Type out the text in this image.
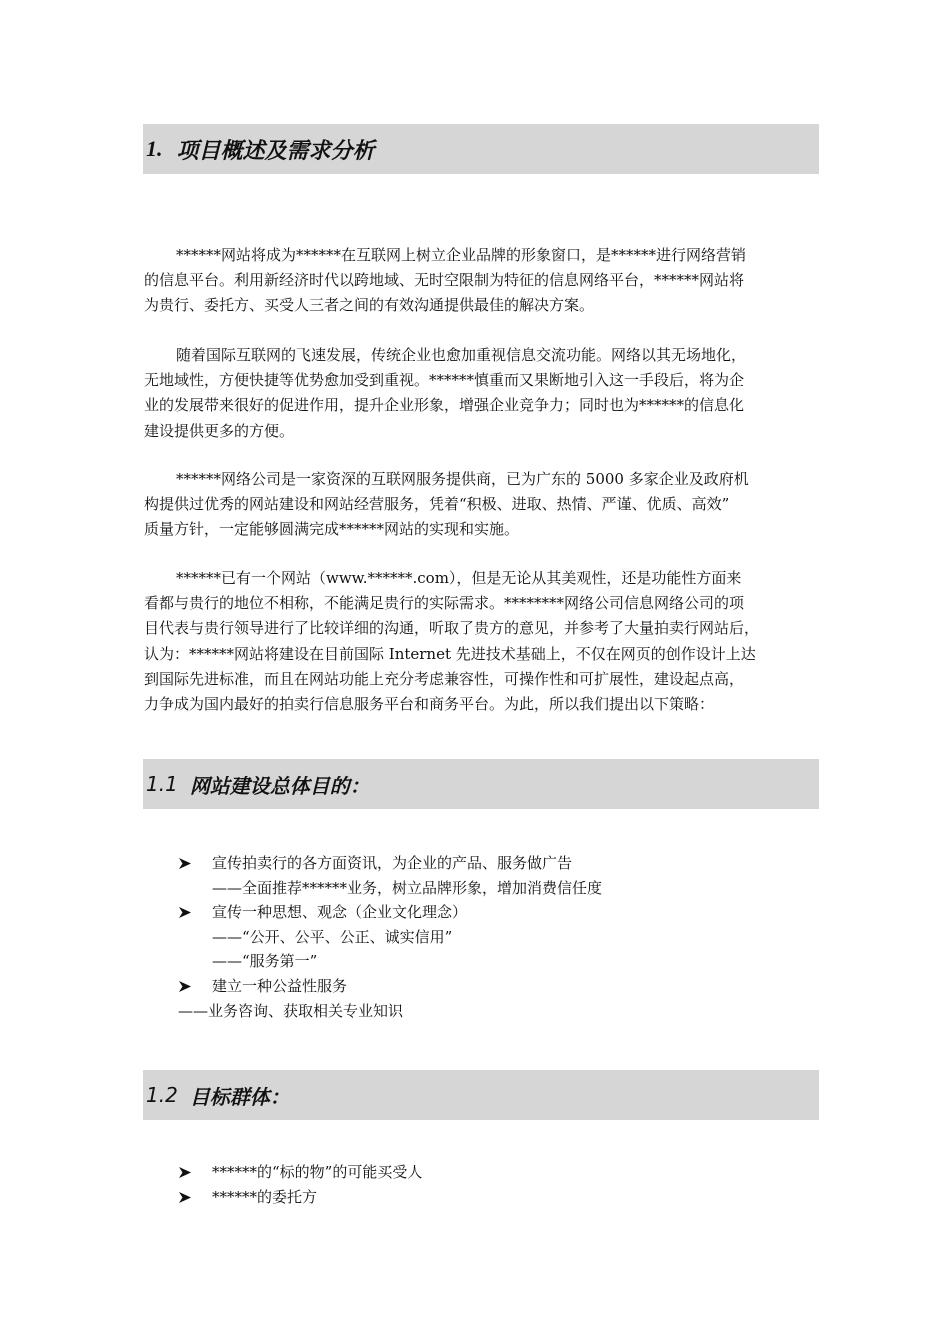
1. 项目概述及需求分析

******网站将成为******在互联网上树立企业品牌的形象窗口，是******进行网络营销
的信息平台。利用新经济时代以跨地域、无时空限制为特征的信息网络平台，******网站将
为贵行、委托方、买受人三者之间的有效沟通提供最佳的解决方案。

随着国际互联网的飞速发展，传统企业也愈加重视信息交流功能。网络以其无场地化，
无地域性，方便快捷等优势愈加受到重视。******慎重而又果断地引入这一手段后，将为企
业的发展带来很好的促进作用，提升企业形象，增强企业竞争力；同时也为******的信息化
建设提供更多的方便。

******网络公司是一家资深的互联网服务提供商，已为广东的 5000 多家企业及政府机
构提供过优秀的网站建设和网站经营服务，凭着“积极、进取、热情、严谨、优质、高效”
质量方针，一定能够圆满完成******网站的实现和实施。

******已有一个网站（www.******.com），但是无论从其美观性，还是功能性方面来
看都与贵行的地位不相称，不能满足贵行的实际需求。********网络公司信息网络公司的项
目代表与贵行领导进行了比较详细的沟通，听取了贵方的意见，并参考了大量拍卖行网站后，
认为：******网站将建设在目前国际 Internet 先进技术基础上，不仅在网页的创作设计上达
到国际先进标准，而且在网站功能上充分考虑兼容性，可操作性和可扩展性，建设起点高，
力争成为国内最好的拍卖行信息服务平台和商务平台。为此，所以我们提出以下策略：

1.1 网站建设总体目的：
宣传拍卖行的各方面资讯，为企业的产品、服务做广告
——全面推荐******业务，树立品牌形象，增加消费信任度
宣传一种思想、观念（企业文化理念）
——“公开、公平、公正、诚实信用”
——“服务第一”
建立一种公益性服务
——业务咨询、获取相关专业知识
1.2 目标群体：
******的“标的物”的可能买受人
******的委托方
